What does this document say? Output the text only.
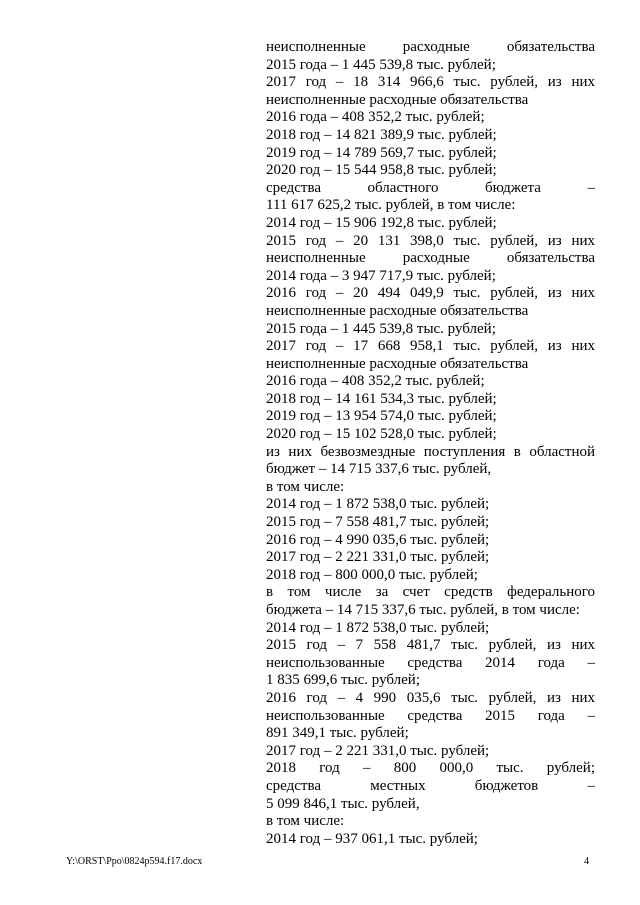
неисполненные расходные обязательства
2015 года – 1 445 539,8 тыс. рублей;
2017 год – 18 314 966,6 тыс. рублей, из них
неисполненные расходные обязательства
2016 года – 408 352,2 тыс. рублей;
2018 год – 14 821 389,9 тыс. рублей;
2019 год – 14 789 569,7 тыс. рублей;
2020 год – 15 544 958,8 тыс. рублей;
средства областного бюджета –
111 617 625,2 тыс. рублей, в том числе:
2014 год – 15 906 192,8 тыс. рублей;
2015 год – 20 131 398,0 тыс. рублей, из них
неисполненные расходные обязательства
2014 года – 3 947 717,9 тыс. рублей;
2016 год – 20 494 049,9 тыс. рублей, из них
неисполненные расходные обязательства
2015 года – 1 445 539,8 тыс. рублей;
2017 год – 17 668 958,1 тыс. рублей, из них
неисполненные расходные обязательства
2016 года – 408 352,2 тыс. рублей;
2018 год – 14 161 534,3 тыс. рублей;
2019 год – 13 954 574,0 тыс. рублей;
2020 год – 15 102 528,0 тыс. рублей;
из них безвозмездные поступления в областной
бюджет – 14 715 337,6 тыс. рублей,
в том числе:
2014 год – 1 872 538,0 тыс. рублей;
2015 год – 7 558 481,7 тыс. рублей;
2016 год – 4 990 035,6 тыс. рублей;
2017 год – 2 221 331,0 тыс. рублей;
2018 год – 800 000,0 тыс. рублей;
в том числе за счет средств федерального
бюджета – 14 715 337,6 тыс. рублей, в том числе:
2014 год – 1 872 538,0 тыс. рублей;
2015 год – 7 558 481,7 тыс. рублей, из них
неиспользованные средства 2014 года –
1 835 699,6 тыс. рублей;
2016 год – 4 990 035,6 тыс. рублей, из них
неиспользованные средства 2015 года –
891 349,1 тыс. рублей;
2017 год – 2 221 331,0 тыс. рублей;
2018 год – 800 000,0 тыс. рублей;
средства местных бюджетов –
5 099 846,1 тыс. рублей,
в том числе:
2014 год – 937 061,1 тыс. рублей;
Y:\ORST\Ppo\0824p594.f17.docx	4
